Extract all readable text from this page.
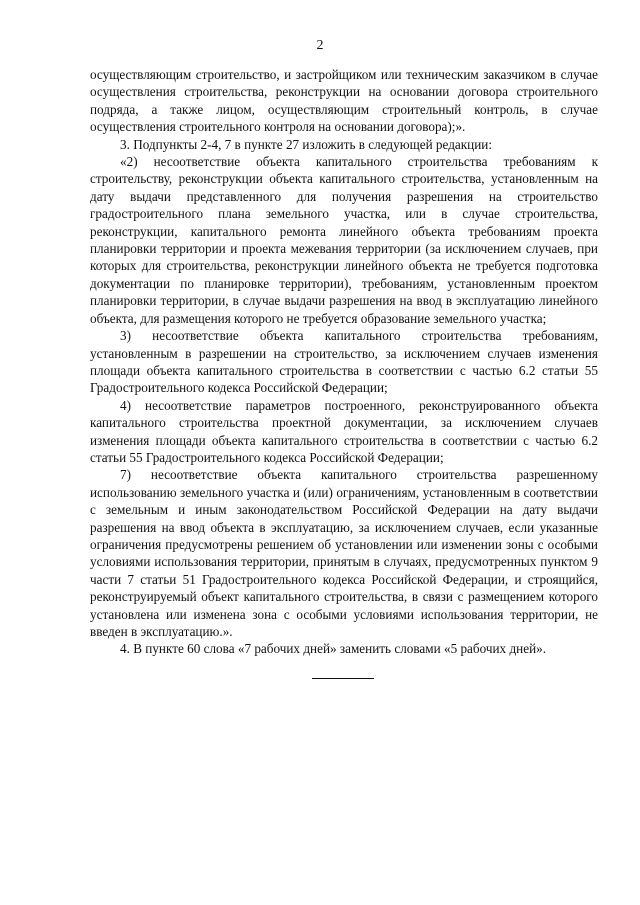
2

осуществляющим строительство, и застройщиком или техническим заказчиком в случае осуществления строительства, реконструкции на основании договора строительного подряда, а также лицом, осуществляющим строительный контроль, в случае осуществления строительного контроля на основании договора);».

3. Подпункты 2-4, 7 в пункте 27 изложить в следующей редакции:

«2) несоответствие объекта капитального строительства требованиям к строительству, реконструкции объекта капитального строительства, установленным на дату выдачи представленного для получения разрешения на строительство градостроительного плана земельного участка, или в случае строительства, реконструкции, капитального ремонта линейного объекта требованиям проекта планировки территории и проекта межевания территории (за исключением случаев, при которых для строительства, реконструкции линейного объекта не требуется подготовка документации по планировке территории), требованиям, установленным проектом планировки территории, в случае выдачи разрешения на ввод в эксплуатацию линейного объекта, для размещения которого не требуется образование земельного участка;

3) несоответствие объекта капитального строительства требованиям, установленным в разрешении на строительство, за исключением случаев изменения площади объекта капитального строительства в соответствии с частью 6.2 статьи 55 Градостроительного кодекса Российской Федерации;

4) несоответствие параметров построенного, реконструированного объекта капитального строительства проектной документации, за исключением случаев изменения площади объекта капитального строительства в соответствии с частью 6.2 статьи 55 Градостроительного кодекса Российской Федерации;

7) несоответствие объекта капитального строительства разрешенному использованию земельного участка и (или) ограничениям, установленным в соответствии с земельным и иным законодательством Российской Федерации на дату выдачи разрешения на ввод объекта в эксплуатацию, за исключением случаев, если указанные ограничения предусмотрены решением об установлении или изменении зоны с особыми условиями использования территории, принятым в случаях, предусмотренных пунктом 9 части 7 статьи 51 Градостроительного кодекса Российской Федерации, и строящийся, реконструируемый объект капитального строительства, в связи с размещением которого установлена или изменена зона с особыми условиями использования территории, не введен в эксплуатацию.».

4. В пункте 60 слова «7 рабочих дней» заменить словами «5 рабочих дней».
